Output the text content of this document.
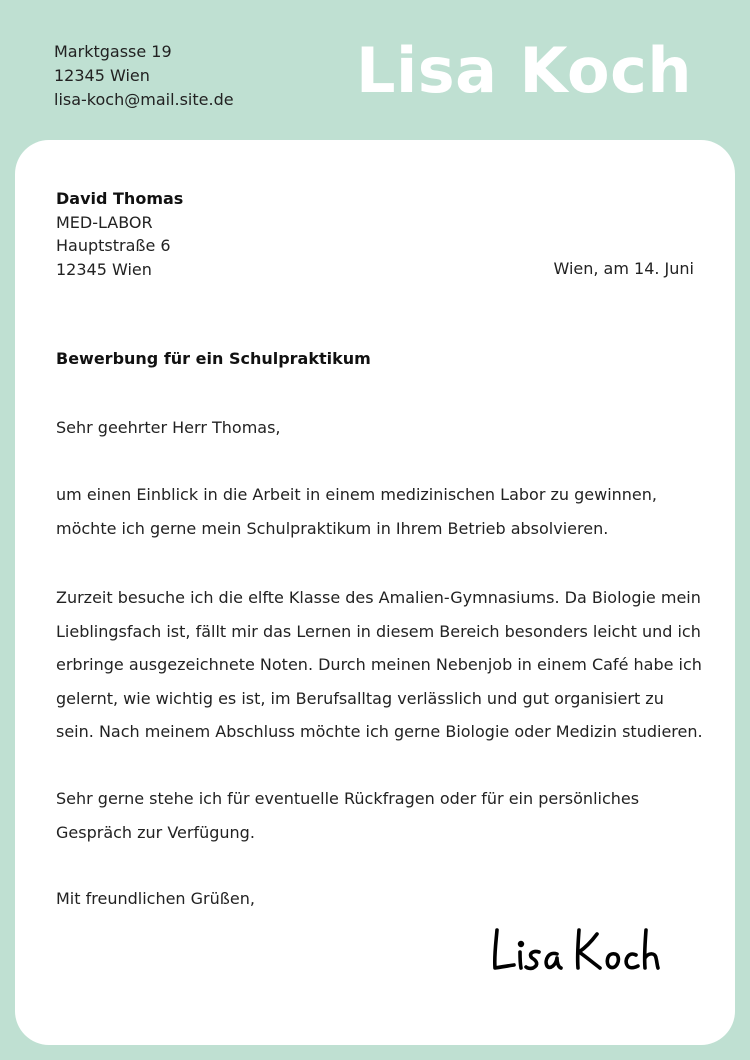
Marktgasse 19
12345 Wien
lisa-koch@mail.site.de Lisa Koch
David Thomas
MED-LABOR
Hauptstraße 6
12345 Wien	Wien, am 14. Juni
Bewerbung für ein Schulpraktikum
Sehr geehrter Herr Thomas,
um einen Einblick in die Arbeit in einem medizinischen Labor zu gewinnen,
möchte ich gerne mein Schulpraktikum in Ihrem Betrieb absolvieren.
Zurzeit besuche ich die elfte Klasse des Amalien-Gymnasiums. Da Biologie mein
Lieblingsfach ist, fällt mir das Lernen in diesem Bereich besonders leicht und ich
erbringe ausgezeichnete Noten. Durch meinen Nebenjob in einem Café habe ich
gelernt, wie wichtig es ist, im Berufsalltag verlässlich und gut organisiert zu
sein. Nach meinem Abschluss möchte ich gerne Biologie oder Medizin studieren.
Sehr gerne stehe ich für eventuelle Rückfragen oder für ein persönliches
Gespräch zur Verfügung.
Mit freundlichen Grüßen,
